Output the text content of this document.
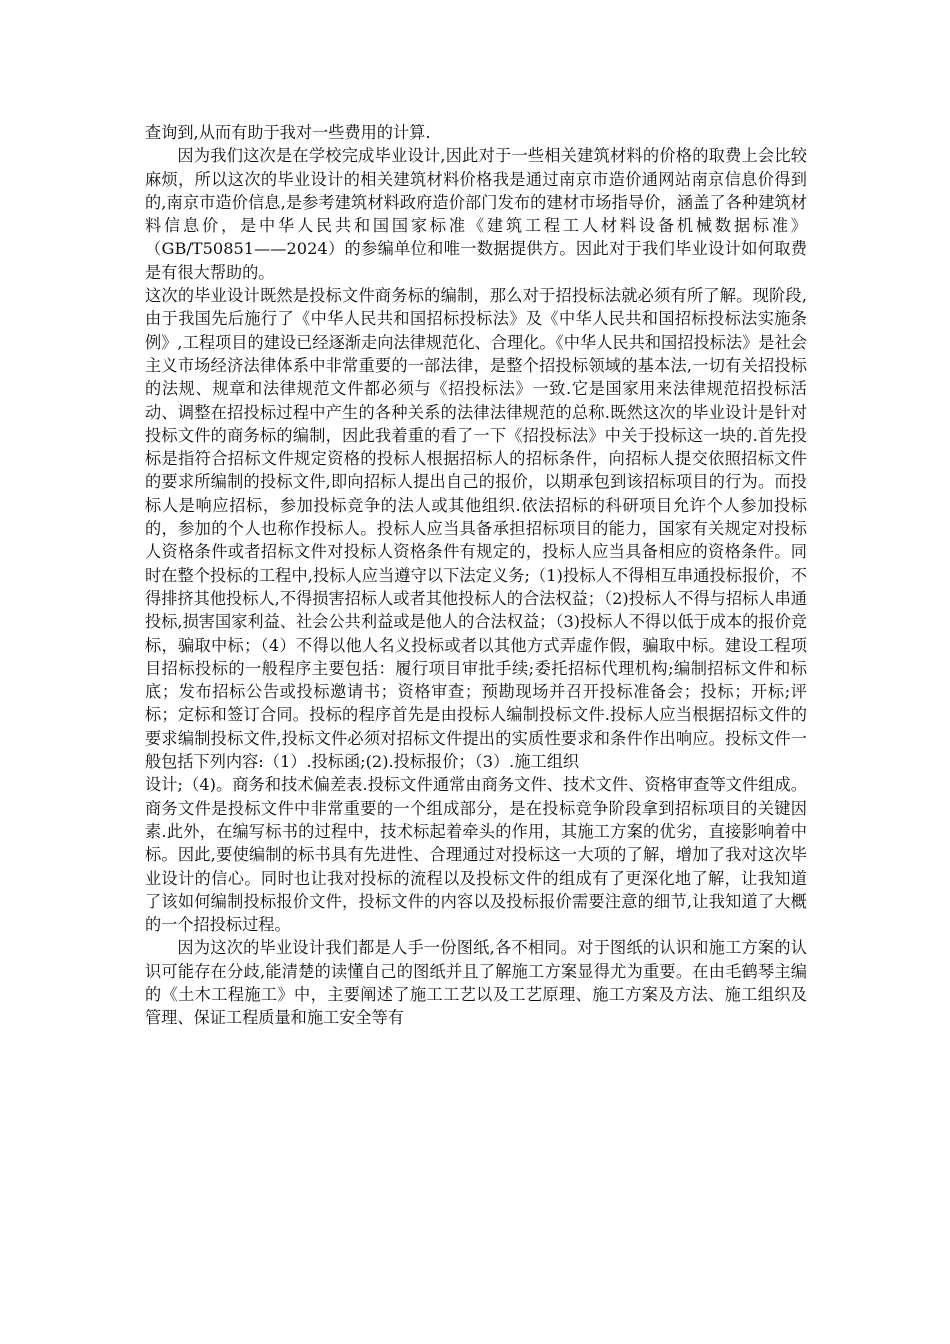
查询到,从而有助于我对一些费用的计算.

因为我们这次是在学校完成毕业设计,因此对于一些相关建筑材料的价格的取费上会比较麻烦，所以这次的毕业设计的相关建筑材料价格我是通过南京市造价通网站南京信息价得到的,南京市造价信息,是参考建筑材料政府造价部门发布的建材市场指导价，涵盖了各种建筑材料信息价，是中华人民共和国国家标准《建筑工程工人材料设备机械数据标准》（GB/T50851——2024）的参编单位和唯一数据提供方。因此对于我们毕业设计如何取费是有很大帮助的。

这次的毕业设计既然是投标文件商务标的编制，那么对于招投标法就必须有所了解。现阶段,由于我国先后施行了《中华人民共和国招标投标法》及《中华人民共和国招标投标法实施条例》,工程项目的建设已经逐渐走向法律规范化、合理化。《中华人民共和国招投标法》是社会主义市场经济法律体系中非常重要的一部法律，是整个招投标领域的基本法,一切有关招投标的法规、规章和法律规范文件都必须与《招投标法》一致.它是国家用来法律规范招投标活动、调整在招投标过程中产生的各种关系的法律法律规范的总称.既然这次的毕业设计是针对投标文件的商务标的编制，因此我着重的看了一下《招投标法》中关于投标这一块的.首先投标是指符合招标文件规定资格的投标人根据招标人的招标条件，向招标人提交依照招标文件的要求所编制的投标文件,即向招标人提出自己的报价，以期承包到该招标项目的行为。而投标人是响应招标，参加投标竞争的法人或其他组织.依法招标的科研项目允许个人参加投标的，参加的个人也称作投标人。投标人应当具备承担招标项目的能力，国家有关规定对投标人资格条件或者招标文件对投标人资格条件有规定的，投标人应当具备相应的资格条件。同时在整个投标的工程中,投标人应当遵守以下法定义务;（1)投标人不得相互串通投标报价，不得排挤其他投标人,不得损害招标人或者其他投标人的合法权益；（2)投标人不得与招标人串通投标,损害国家利益、社会公共利益或是他人的合法权益；（3)投标人不得以低于成本的报价竞标，骗取中标；（4）不得以他人名义投标或者以其他方式弄虚作假，骗取中标。建设工程项目招标投标的一般程序主要包括：履行项目审批手续;委托招标代理机构;编制招标文件和标底；发布招标公告或投标邀请书；资格审查；预勘现场并召开投标准备会；投标；开标;评标；定标和签订合同。投标的程序首先是由投标人编制投标文件.投标人应当根据招标文件的要求编制投标文件,投标文件必须对招标文件提出的实质性要求和条件作出响应。投标文件一般包括下列内容:（1）.投标函;(2).投标报价；（3）.施工组织

设计;（4)。商务和技术偏差表.投标文件通常由商务文件、技术文件、资格审查等文件组成。商务文件是投标文件中非常重要的一个组成部分，是在投标竞争阶段拿到招标项目的关键因素.此外，在编写标书的过程中，技术标起着牵头的作用，其施工方案的优劣，直接影响着中标。因此,要使编制的标书具有先进性、合理通过对投标这一大项的了解，增加了我对这次毕业设计的信心。同时也让我对投标的流程以及投标文件的组成有了更深化地了解，让我知道了该如何编制投标报价文件，投标文件的内容以及投标报价需要注意的细节,让我知道了大概的一个招投标过程。

因为这次的毕业设计我们都是人手一份图纸,各不相同。对于图纸的认识和施工方案的认识可能存在分歧,能清楚的读懂自己的图纸并且了解施工方案显得尤为重要。在由毛鹤琴主编的《土木工程施工》中，主要阐述了施工工艺以及工艺原理、施工方案及方法、施工组织及管理、保证工程质量和施工安全等有
